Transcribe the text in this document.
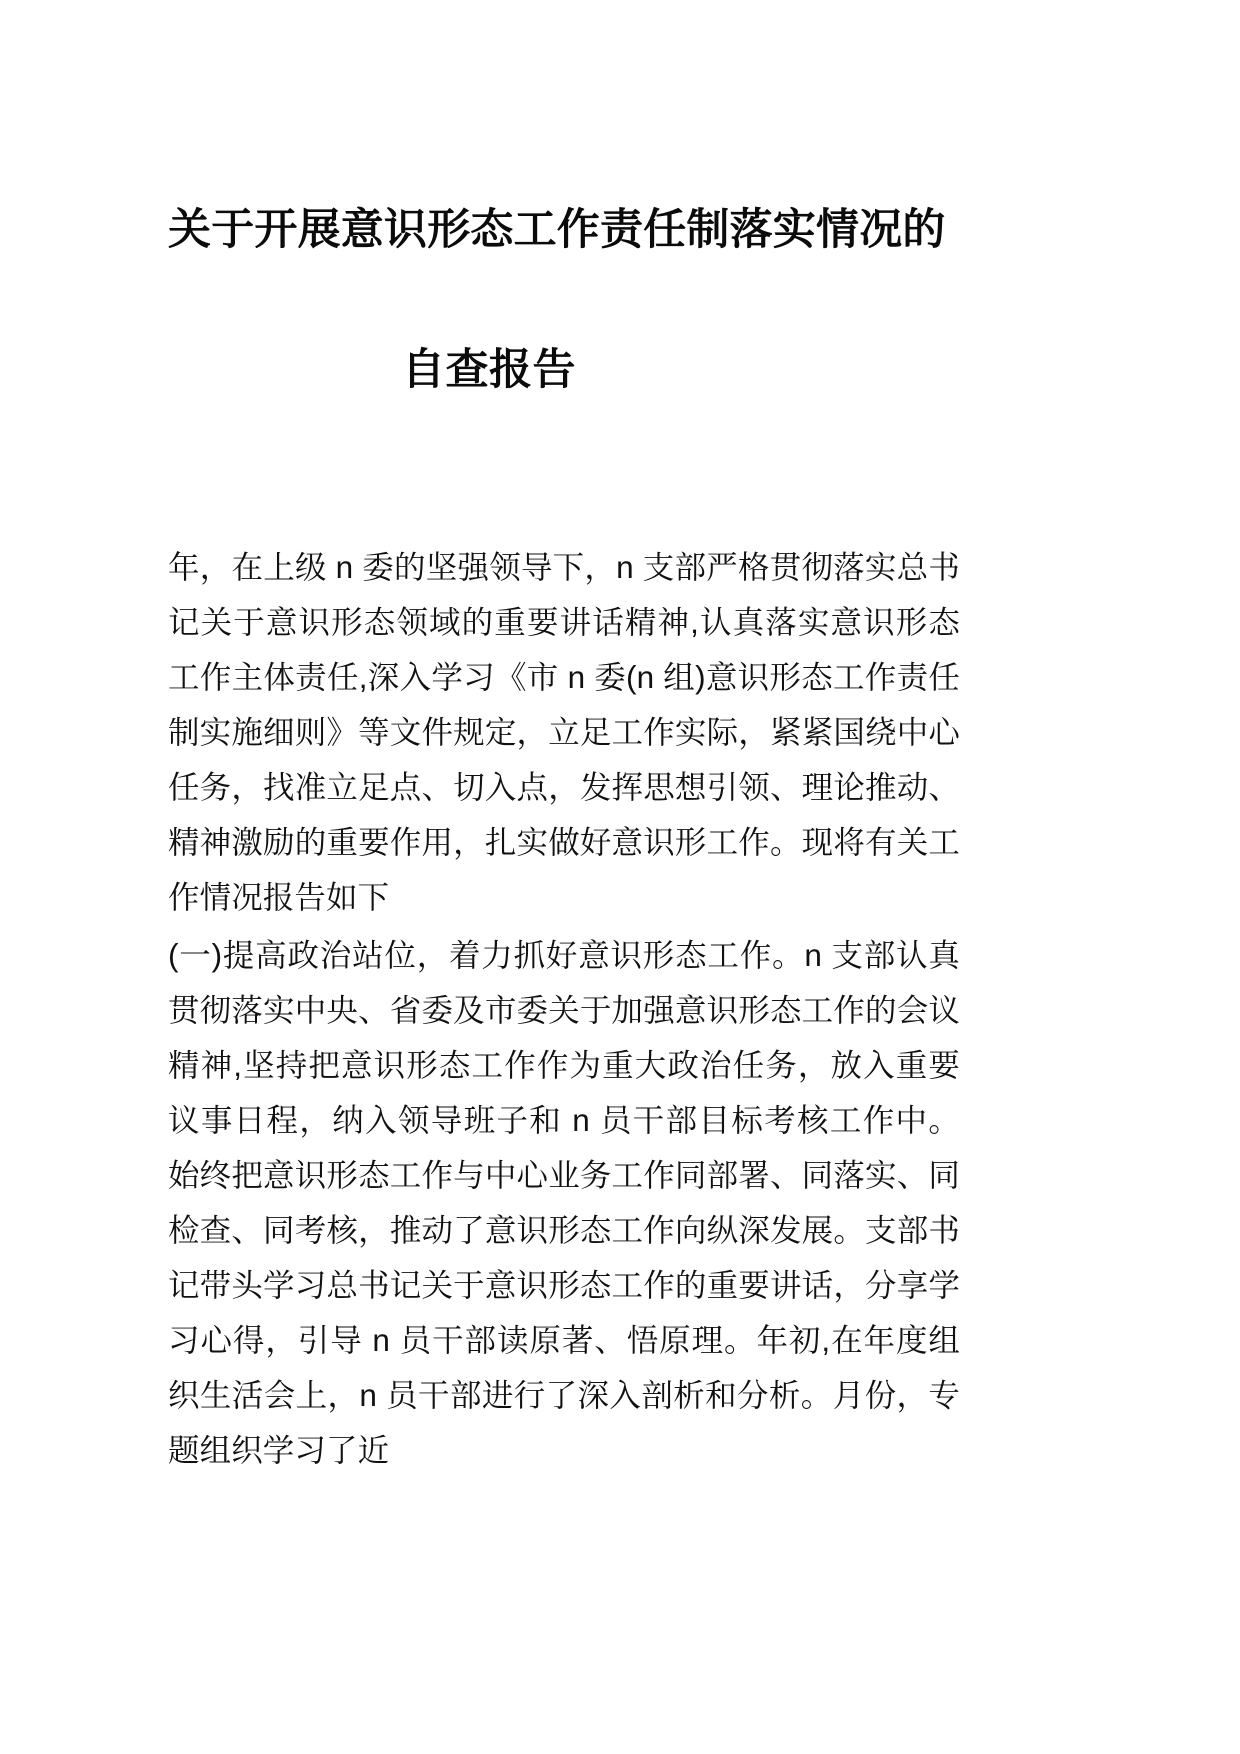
关于开展意识形态工作责任制落实情况的
自查报告

年，在上级 n 委的坚强领导下，n 支部严格贯彻落实总书记关于意识形态领域的重要讲话精神,认真落实意识形态工作主体责任,深入学习《市 n 委(n 组)意识形态工作责任制实施细则》等文件规定，立足工作实际，紧紧国绕中心任务，找准立足点、切入点，发挥思想引领、理论推动、精神激励的重要作用，扎实做好意识形工作。现将有关工作情况报告如下

(一)提高政治站位，着力抓好意识形态工作。n 支部认真贯彻落实中央、省委及市委关于加强意识形态工作的会议精神,坚持把意识形态工作作为重大政治任务，放入重要议事日程，纳入领导班子和 n 员干部目标考核工作中。始终把意识形态工作与中心业务工作同部署、同落实、同检查、同考核，推动了意识形态工作向纵深发展。支部书记带头学习总书记关于意识形态工作的重要讲话，分享学习心得，引导 n 员干部读原著、悟原理。年初,在年度组织生活会上，n 员干部进行了深入剖析和分析。月份，专题组织学习了近
